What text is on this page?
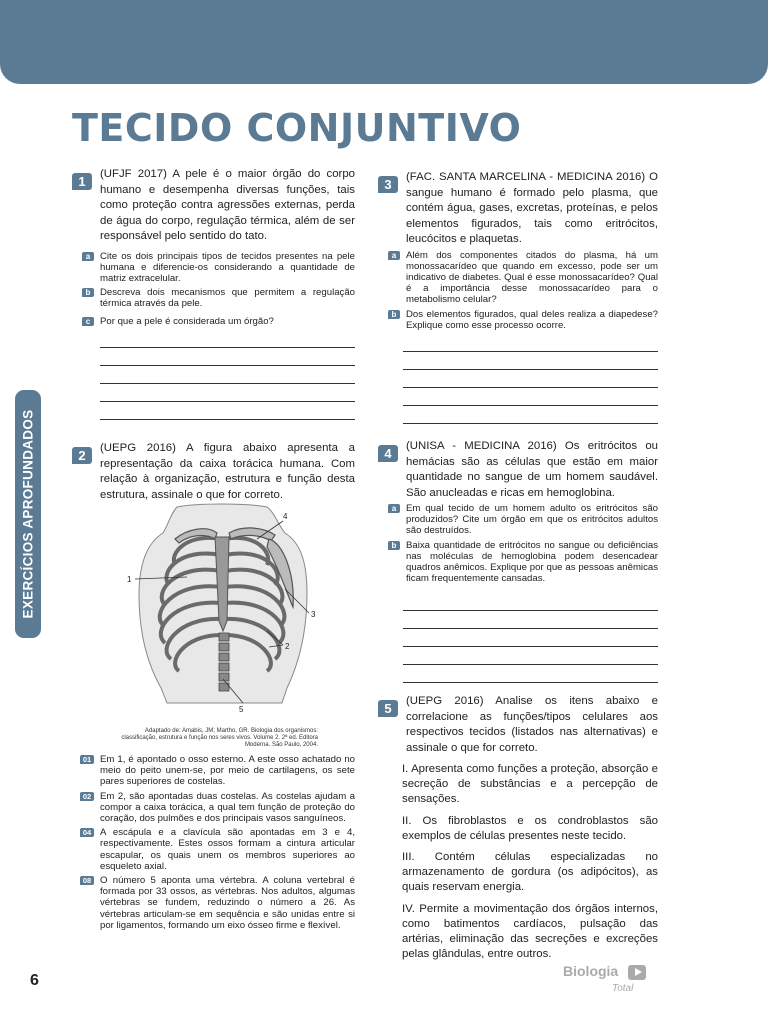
TECIDO CONJUNTIVO
EXERCÍCIOS APROFUNDADOS

1	(UFJF 2017) A pele é o maior órgão do corpo humano e desempenha diversas funções, tais como proteção contra agressões externas, perda de água do corpo, regulação térmica, além de ser responsável pelo sentido do tato.

a	Cite os dois principais tipos de tecidos presentes na pele humana e diferencie-os considerando a quantidade de matriz extracelular.

b Descreva dois mecanismos que permitem a regulação térmica através da pele.

c	Por que a pele é considerada um órgão?

3	(FAC. SANTA MARCELINA - MEDICINA 2016) O sangue humano é formado pelo plasma, que contém água, gases, excretas, proteínas, e pelos elementos figurados, tais como eritrócitos, leucócitos e plaquetas.

a	Além dos componentes citados do plasma, há um monossacarídeo que quando em excesso, pode ser um indicativo de diabetes. Qual é esse monossacarídeo? Qual é a importância desse monossacarídeo para o metabolismo celular?

b Dos elementos figurados, qual deles realiza a diapedese? Explique como esse processo ocorre.

2	(UEPG 2016) A figura abaixo apresenta a representação da caixa torácica humana. Com relação à organização, estrutura e função desta estrutura, assinale o que for correto.

1
2
3
4
5
Adaptado de: Amabis, JM; Martho, GR. Biologia dos organismos: classificação, estrutura e função nos seres vivos. Volume 2. 2ª ed. Editora Moderna. São Paulo, 2004.

01 Em 1, é apontado o osso esterno. A este osso achatado no meio do peito unem-se, por meio de cartilagens, os sete pares superiores de costelas.

02 Em 2, são apontadas duas costelas. As costelas ajudam a compor a caixa torácica, a qual tem função de proteção do coração, dos pulmões e dos principais vasos sanguíneos.

04 A escápula e a clavícula são apontadas em 3 e 4, respectivamente. Estes ossos formam a cintura articular escapular, os quais unem os membros superiores ao esqueleto axial.

08 O número 5 aponta uma vértebra. A coluna vertebral é formada por 33 ossos, as vértebras. Nos adultos, algumas vértebras se fundem, reduzindo o número a 26. As vértebras articulam-se em sequência e são unidas entre si por ligamentos, formando um eixo ósseo firme e flexível.

4	(UNISA - MEDICINA 2016) Os eritrócitos ou hemácias são as células que estão em maior quantidade no sangue de um homem saudável. São anucleadas e ricas em hemoglobina.

a	Em qual tecido de um homem adulto os eritrócitos são produzidos? Cite um órgão em que os eritrócitos adultos são destruídos.

b Baixa quantidade de eritrócitos no sangue ou deficiências nas moléculas de hemoglobina podem desencadear quadros anêmicos. Explique por que as pessoas anêmicas ficam frequentemente cansadas.

5	(UEPG 2016) Analise os itens abaixo e correlacione as funções/tipos celulares aos respectivos tecidos (listados nas alternativas) e assinale o que for correto.

I. Apresenta como funções a proteção, absorção e secreção de substâncias e a percepção de sensações.

II. Os fibroblastos e os condroblastos são exemplos de células presentes neste tecido.

III. Contém células especializadas no armazenamento de gordura (os adipócitos), as quais reservam energia.

IV. Permite a movimentação dos órgãos internos, como batimentos cardíacos, pulsação das artérias, eliminação das secreções e excreções pelas glândulas, entre outros.

6
Biologia
Total
